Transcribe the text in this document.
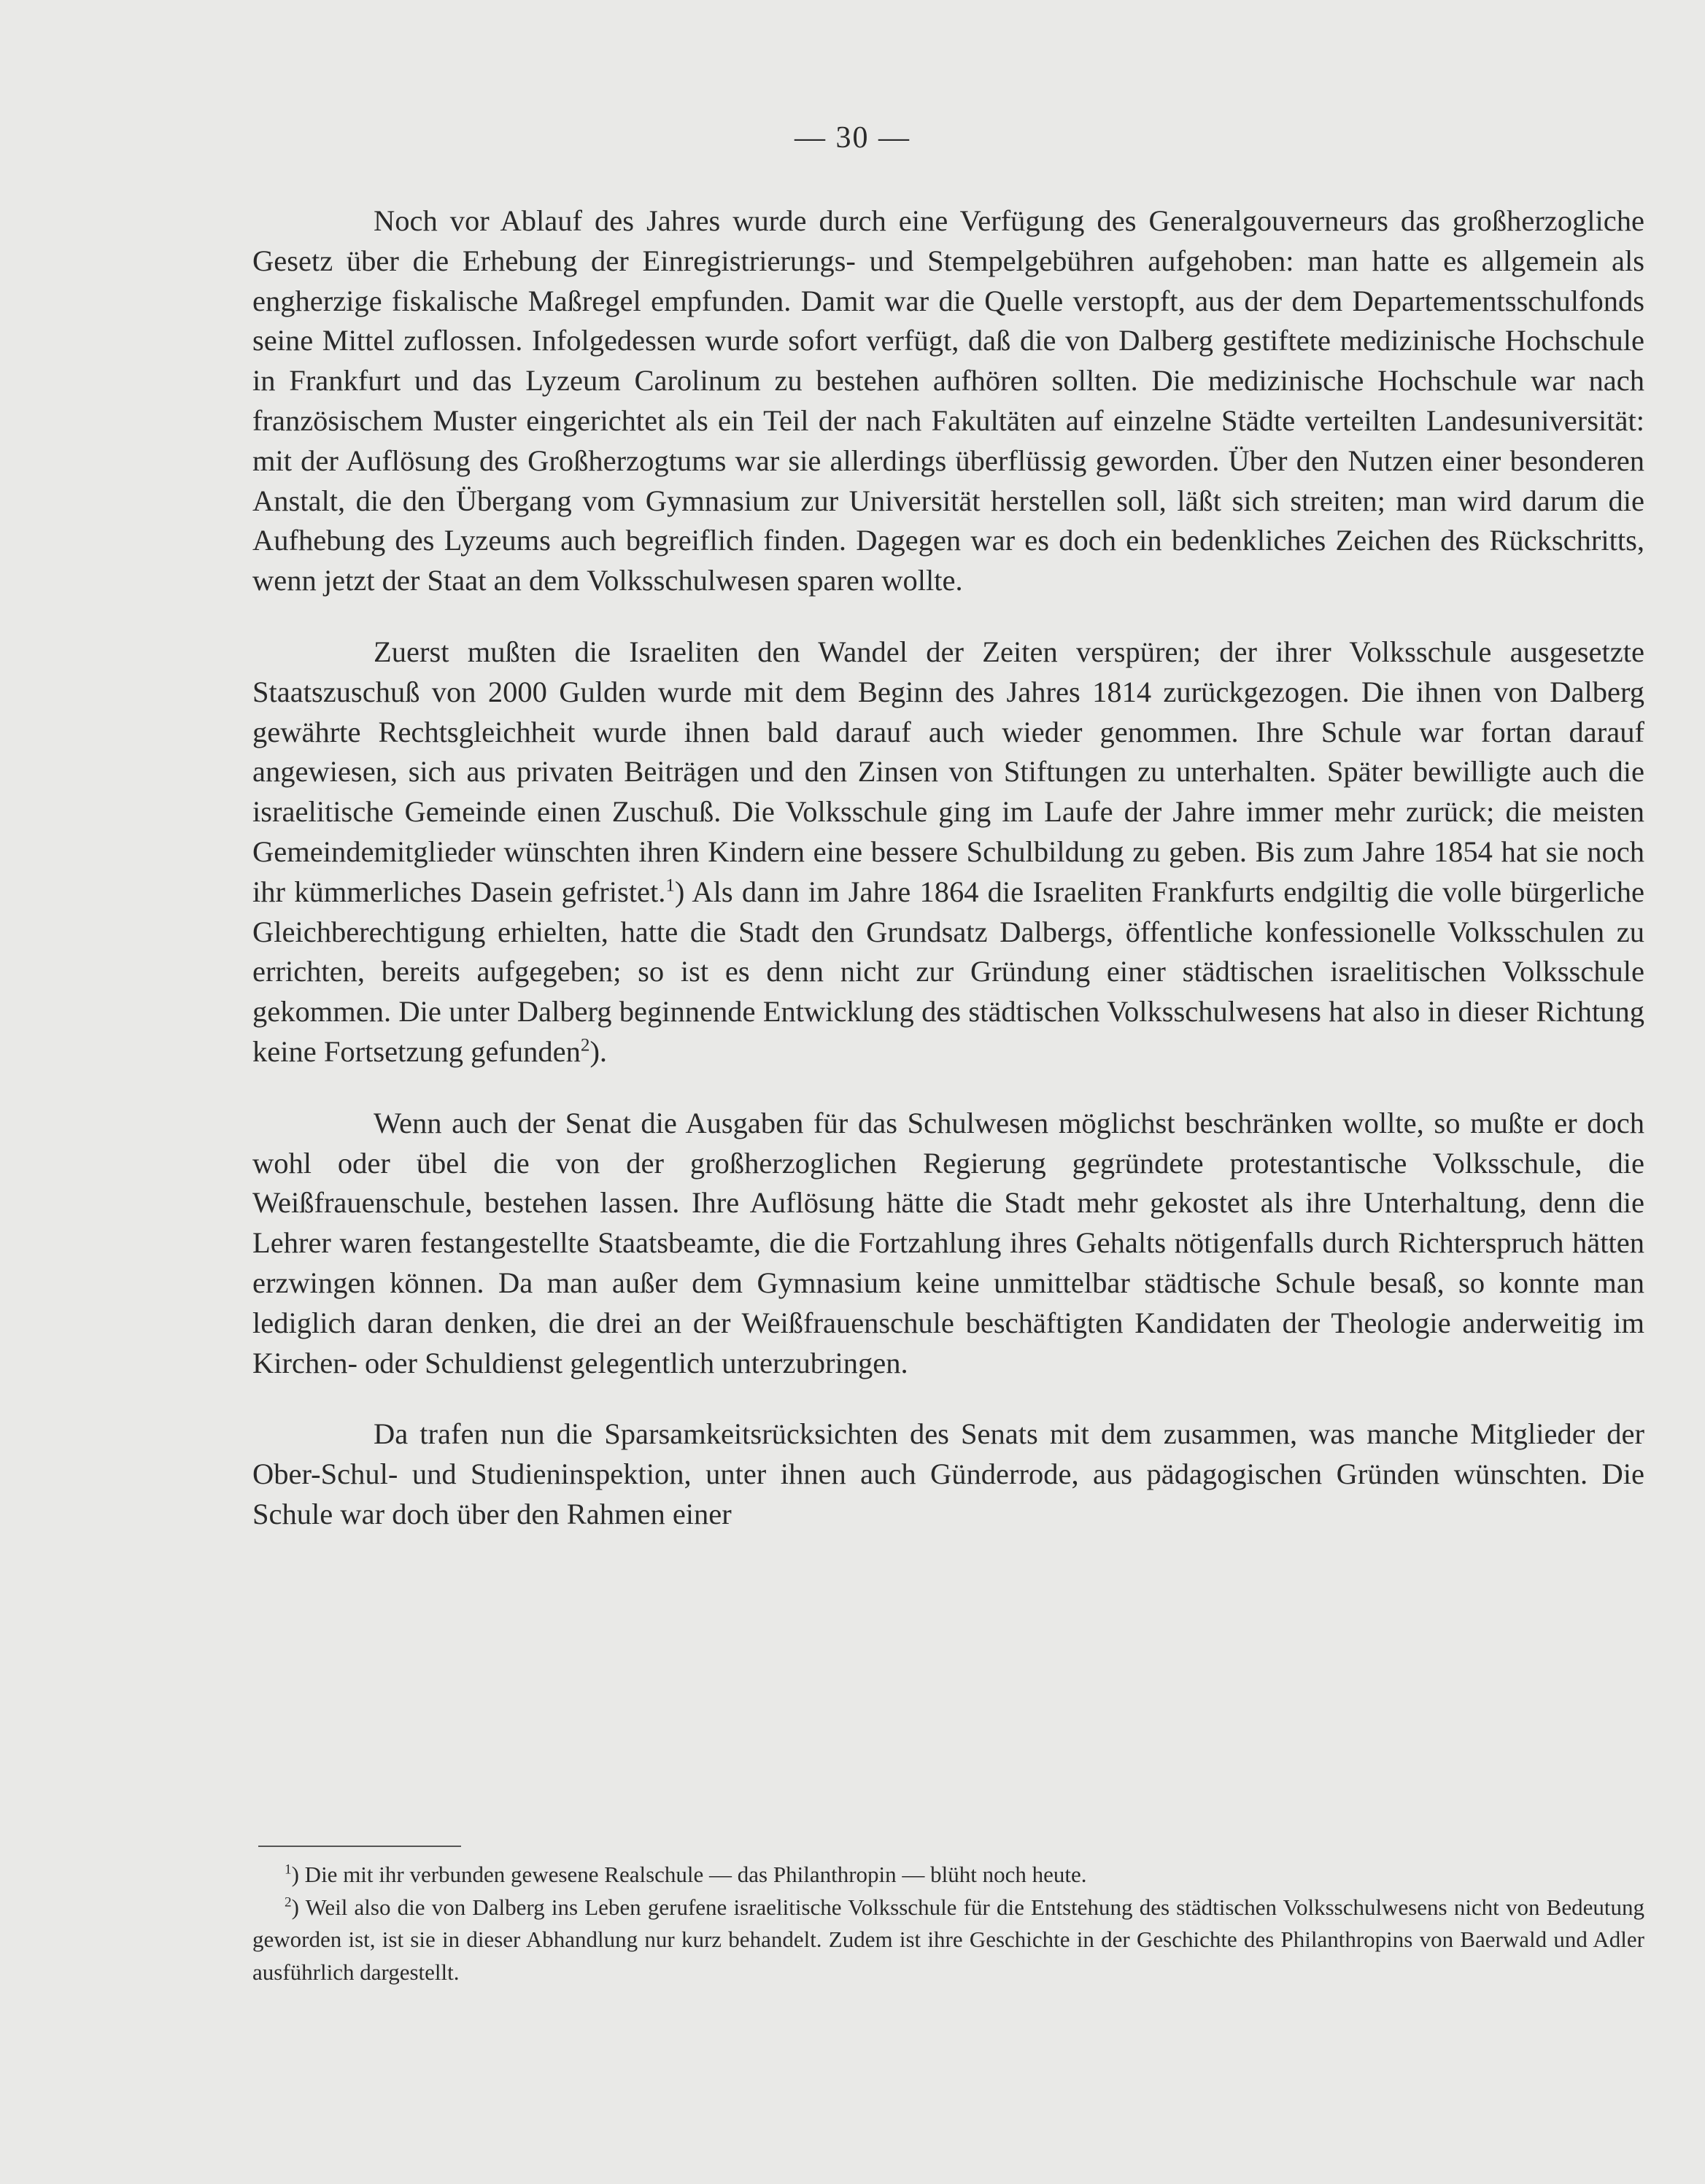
— 30 —

Noch vor Ablauf des Jahres wurde durch eine Verfügung des Generalgouverneurs das großherzogliche Gesetz über die Erhebung der Einregistrierungs- und Stempelgebühren aufgehoben: man hatte es allgemein als engherzige fiskalische Maßregel empfunden. Damit war die Quelle verstopft, aus der dem Departementsschulfonds seine Mittel zuflossen. Infolgedessen wurde sofort verfügt, daß die von Dalberg gestiftete medizinische Hochschule in Frankfurt und das Lyzeum Carolinum zu bestehen aufhören sollten. Die medizinische Hochschule war nach französischem Muster eingerichtet als ein Teil der nach Fakultäten auf einzelne Städte verteilten Landesuniversität: mit der Auflösung des Großherzogtums war sie allerdings überflüssig geworden. Über den Nutzen einer besonderen Anstalt, die den Übergang vom Gymnasium zur Universität herstellen soll, läßt sich streiten; man wird darum die Aufhebung des Lyzeums auch begreiflich finden. Dagegen war es doch ein bedenkliches Zeichen des Rückschritts, wenn jetzt der Staat an dem Volksschulwesen sparen wollte.

Zuerst mußten die Israeliten den Wandel der Zeiten verspüren; der ihrer Volksschule ausgesetzte Staatszuschuß von 2000 Gulden wurde mit dem Beginn des Jahres 1814 zurückgezogen. Die ihnen von Dalberg gewährte Rechtsgleichheit wurde ihnen bald darauf auch wieder genommen. Ihre Schule war fortan darauf angewiesen, sich aus privaten Beiträgen und den Zinsen von Stiftungen zu unterhalten. Später bewilligte auch die israelitische Gemeinde einen Zuschuß. Die Volksschule ging im Laufe der Jahre immer mehr zurück; die meisten Gemeindemitglieder wünschten ihren Kindern eine bessere Schulbildung zu geben. Bis zum Jahre 1854 hat sie noch ihr kümmerliches Dasein gefristet.$^1$) Als dann im Jahre 1864 die Israeliten Frankfurts endgiltig die volle bürgerliche Gleichberechtigung erhielten, hatte die Stadt den Grundsatz Dalbergs, öffentliche konfessionelle Volksschulen zu errichten, bereits aufgegeben; so ist es denn nicht zur Gründung einer städtischen israelitischen Volksschule gekommen. Die unter Dalberg beginnende Entwicklung des städtischen Volksschulwesens hat also in dieser Richtung keine Fortsetzung gefunden$^2$).

Wenn auch der Senat die Ausgaben für das Schulwesen möglichst beschränken wollte, so mußte er doch wohl oder übel die von der großherzoglichen Regierung gegründete protestantische Volksschule, die Weißfrauenschule, bestehen lassen. Ihre Auflösung hätte die Stadt mehr gekostet als ihre Unterhaltung, denn die Lehrer waren festangestellte Staatsbeamte, die die Fortzahlung ihres Gehalts nötigenfalls durch Richterspruch hätten erzwingen können. Da man außer dem Gymnasium keine unmittelbar städtische Schule besaß, so konnte man lediglich daran denken, die drei an der Weißfrauenschule beschäftigten Kandidaten der Theologie anderweitig im Kirchen- oder Schuldienst gelegentlich unterzubringen.

Da trafen nun die Sparsamkeitsrücksichten des Senats mit dem zusammen, was manche Mitglieder der Ober-Schul- und Studieninspektion, unter ihnen auch Günderrode, aus pädagogischen Gründen wünschten. Die Schule war doch über den Rahmen einer

$^1$) Die mit ihr verbunden gewesene Realschule — das Philanthropin — blüht noch heute.

$^2$) Weil also die von Dalberg ins Leben gerufene israelitische Volksschule für die Entstehung des städtischen Volksschulwesens nicht von Bedeutung geworden ist, ist sie in dieser Abhandlung nur kurz behandelt. Zudem ist ihre Geschichte in der Geschichte des Philanthropins von Baerwald und Adler ausführlich dargestellt.
